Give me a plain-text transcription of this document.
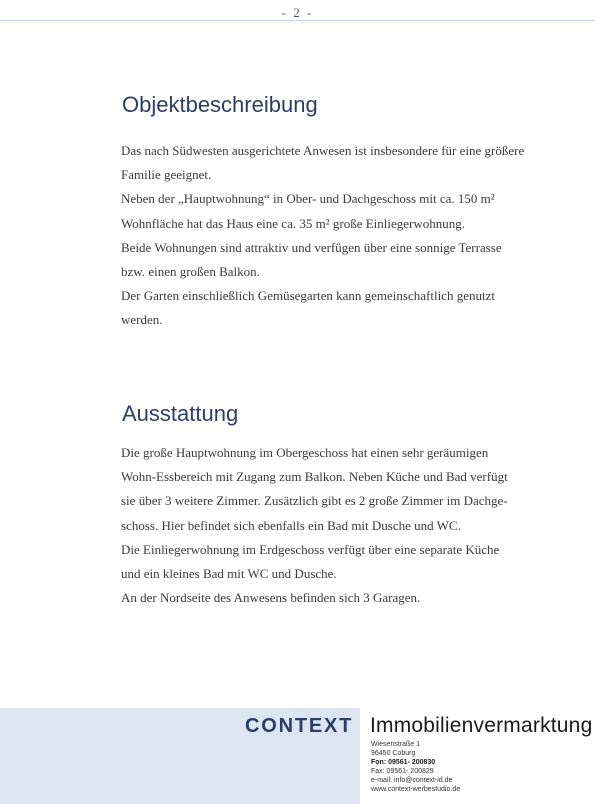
- 2 -
Objektbeschreibung
Das nach Südwesten ausgerichtete Anwesen ist insbesondere für eine größere
Familie geeignet.
Neben der „Hauptwohnung“ in Ober- und Dachgeschoss mit ca. 150 m²
Wohnfläche hat das Haus eine ca. 35 m² große Einliegerwohnung.
Beide Wohnungen sind attraktiv und verfügen über eine sonnige Terrasse
bzw. einen großen Balkon.
Der Garten einschließlich Gemüsegarten kann gemeinschaftlich genutzt
werden.
Ausstattung
Die große Hauptwohnung im Obergeschoss hat einen sehr geräumigen
Wohn-Essbereich mit Zugang zum Balkon. Neben Küche und Bad verfügt
sie über 3 weitere Zimmer. Zusätzlich gibt es 2 große Zimmer im Dachge-
schoss. Hier befindet sich ebenfalls ein Bad mit Dusche und WC.
Die Einliegerwohnung im Erdgeschoss verfügt über eine separate Küche
und ein kleines Bad mit WC und Dusche.
An der Nordseite des Anwesens befinden sich 3 Garagen.
CONTEXT Immobilienvermarktung
Wiesenstraße 1
96450 Coburg
Fon: 09561- 200830
Fax: 09561- 200829
e-mail: info@context-id.de
www.context-werbestudio.de
